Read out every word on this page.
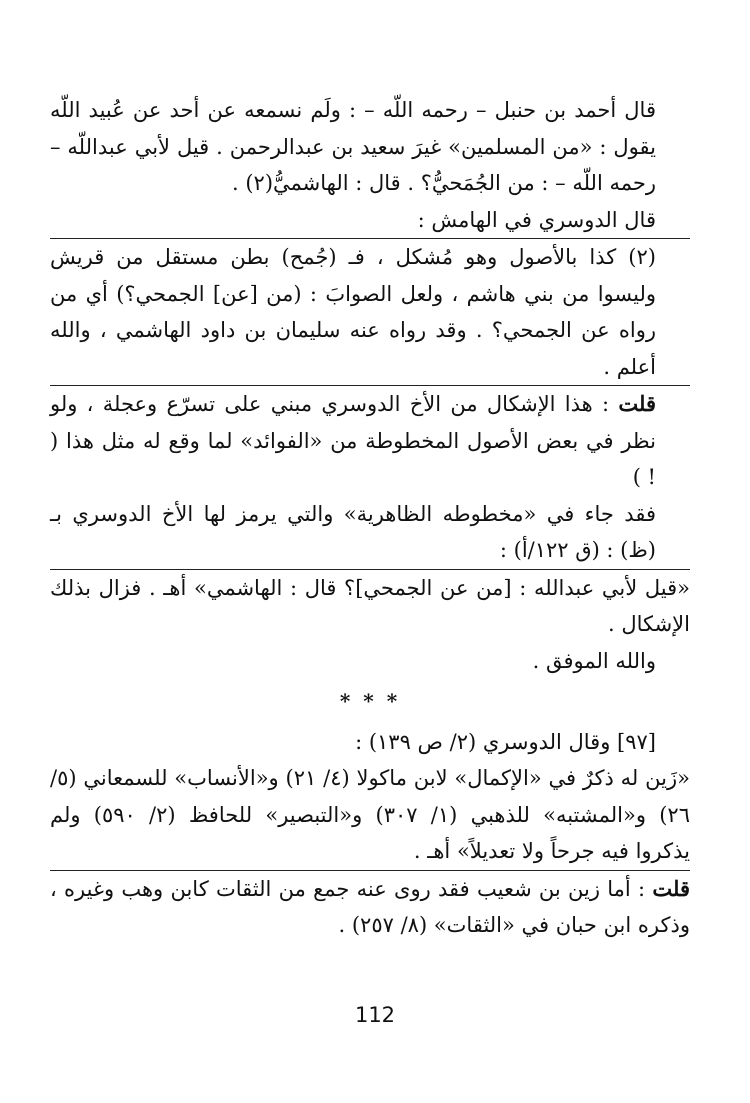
قال أحمد بن حنبل – رحمه اللّه – : ولَم نسمعه عن أحد عن عُبيد اللّه يقول : «من المسلمين» غيرَ سعيد بن عبدالرحمن . قيل لأبي عبداللّه – رحمه اللّه – : من الجُمَحيُّ؟ . قال : الهاشميُّ(٢) .

قال الدوسري في الهامش :

(٢) كذا بالأصول وهو مُشكل ، فـ (جُمح) بطن مستقل من قريش وليسوا من بني هاشم ، ولعل الصوابَ : (من [عن] الجمحي؟) أي من رواه عن الجمحي؟ . وقد رواه عنه سليمان بن داود الهاشمي ، والله أعلم .

قلت : هذا الإشكال من الأخ الدوسري مبني على تسرّع وعجلة ، ولو نظر في بعض الأصول المخطوطة من «الفوائد» لما وقع له مثل هذا ( ! )

فقد جاء في «مخطوطه الظاهرية» والتي يرمز لها الأخ الدوسري بـ (ظ) : (ق ١٢٢/أ) :

«قيل لأبي عبدالله : [من عن الجمحي]؟ قال : الهاشمي» أهـ . فزال بذلك الإشكال .

والله الموفق .

* * *

[٩٧] وقال الدوسري (٢/ ص ١٣٩) :

«زَين له ذكرٌ في «الإكمال» لابن ماكولا (٤/ ٢١) و«الأنساب» للسمعاني (٥/ ٢٦) و«المشتبه» للذهبي (١/ ٣٠٧) و«التبصير» للحافظ (٢/ ٥٩٠) ولم يذكروا فيه جرحاً ولا تعديلاً» أهـ .

قلت : أما زين بن شعيب فقد روى عنه جمع من الثقات كابن وهب وغيره ، وذكره ابن حبان في «الثقات» (٨/ ٢٥٧) .

112
